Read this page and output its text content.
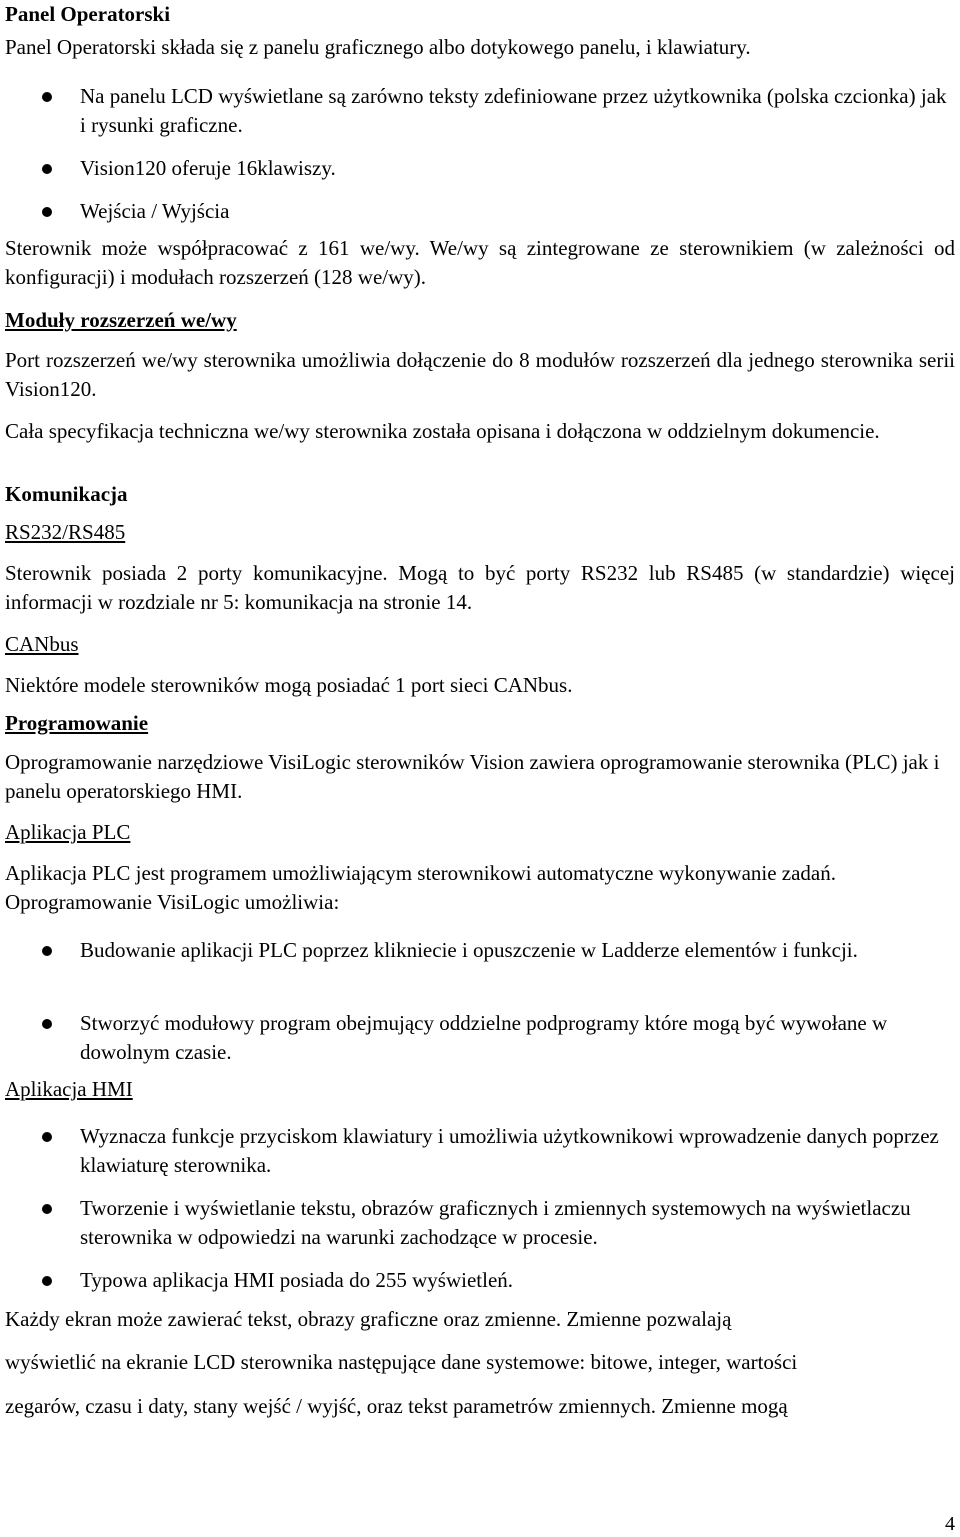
Panel Operatorski

Panel Operatorski składa się z panelu graficznego albo dotykowego panelu, i klawiatury.

Na panelu LCD wyświetlane są zarówno teksty zdefiniowane przez użytkownika (polska czcionka) jak i rysunki graficzne.

Vision120 oferuje 16klawiszy.

Wejścia / Wyjścia

Sterownik może współpracować z 161 we/wy. We/wy są zintegrowane ze sterownikiem (w zależności od konfiguracji) i modułach rozszerzeń (128 we/wy).

Moduły rozszerzeń we/wy

Port rozszerzeń we/wy sterownika umożliwia dołączenie do 8 modułów rozszerzeń dla jednego sterownika serii Vision120.

Cała specyfikacja techniczna we/wy sterownika została opisana i dołączona w oddzielnym dokumencie.

Komunikacja

RS232/RS485

Sterownik posiada 2 porty komunikacyjne. Mogą to być porty RS232 lub RS485 (w standardzie) więcej informacji w rozdziale nr 5: komunikacja na stronie 14.

CANbus

Niektóre modele sterowników mogą posiadać 1 port sieci CANbus.

Programowanie

Oprogramowanie narzędziowe VisiLogic sterowników Vision zawiera oprogramowanie sterownika (PLC) jak i panelu operatorskiego HMI.

Aplikacja PLC

Aplikacja PLC jest programem umożliwiającym sterownikowi automatyczne wykonywanie zadań. Oprogramowanie VisiLogic umożliwia:

Budowanie aplikacji PLC poprzez klikniecie i opuszczenie w Ladderze elementów i funkcji.

Stworzyć modułowy program obejmujący oddzielne podprogramy które mogą być wywołane w dowolnym czasie.

Aplikacja HMI

Wyznacza funkcje przyciskom klawiatury i umożliwia użytkownikowi wprowadzenie danych poprzez klawiaturę sterownika.

Tworzenie i wyświetlanie tekstu, obrazów graficznych i zmiennych systemowych na wyświetlaczu sterownika w odpowiedzi na warunki zachodzące w procesie.

Typowa aplikacja HMI posiada do 255 wyświetleń.

Każdy ekran może zawierać tekst, obrazy graficzne oraz zmienne. Zmienne pozwalają

wyświetlić na ekranie LCD sterownika następujące dane systemowe: bitowe, integer, wartości

zegarów, czasu i daty, stany wejść / wyjść, oraz tekst parametrów zmiennych. Zmienne mogą

4
